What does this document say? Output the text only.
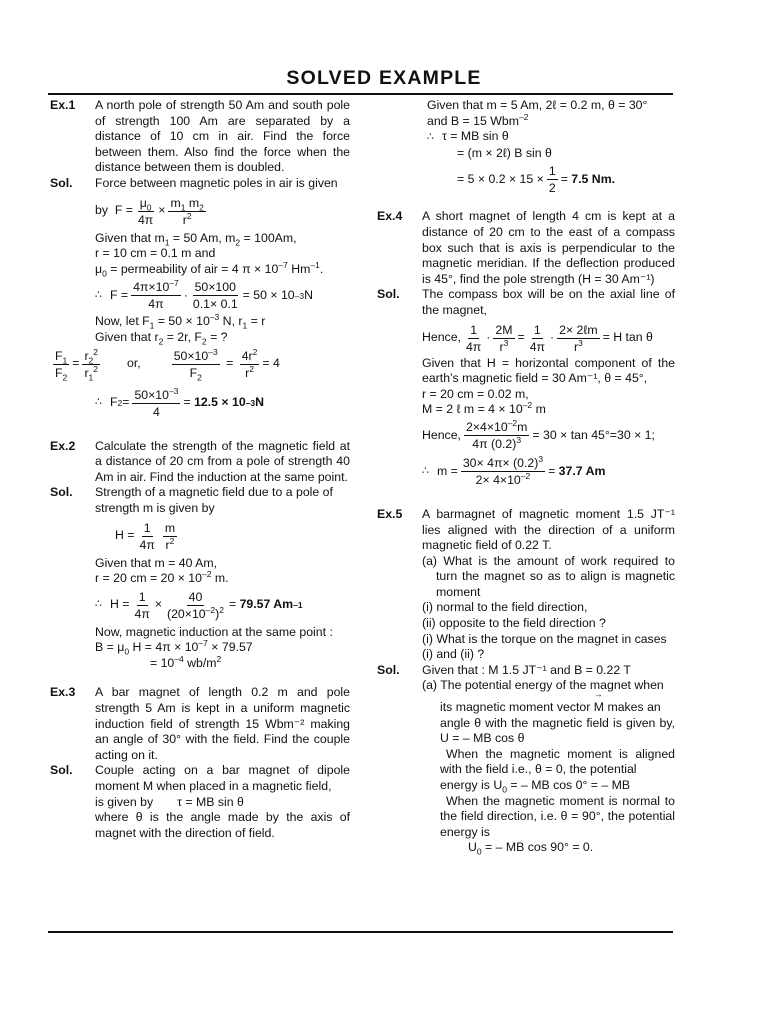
SOLVED EXAMPLE
Ex.1 A north pole of strength 50 Am and south pole of strength 100 Am are separated by a distance of 10 cm in air. Find the force between them. Also find the force when the distance between them is doubled.
Sol. Force between magnetic poles in air is given
by $F = \frac{\mu_0}{4\pi} \times \frac{m_1 m_2}{r^2}$
Given that $m_1 = 50$ Am, $m_2 = 100Am$,
r = 10 cm = 0.1 m and
$\mu_0$ = permeability of air = 4 $\pi \times 10^{-7}$ $Hm^{-1}$.
∴ $F = \frac{4\pi\times 10^{-7}}{4\pi} \cdot \frac{50\times 100}{0.1\times 0.1} = 50 \times 10$ –3 N
Now, let $F_1 = 50 \times 10^{-3}$ N, $r_1 = r$
Given that $r_2 = 2r$, $F_2$ = ?
$\frac{F_1}{F_2} = \frac{r_2^2}{r_1^2}$ or,	$\frac{50\times 10^{-3}}{F_2} = \frac{4r^2}{r^2} = 4$
∴ F $2 = \frac{50\times 10^{-3}}{4} = 12.5 \times 10$ –3 N
Ex.2 Calculate the strength of the magnetic field at a distance of 20 cm from a pole of strength 40 Am in air. Find the induction at the same point.
Sol. Strength of a magnetic field due to a pole of strength m is given by
$H = \frac{1}{4\pi} \frac{m}{r^2}$
Given that m = 40 Am,
r = 20 cm = $20 \times 10^{-2}$ m.
∴ $H = \frac{1}{4\pi} \times \frac{40}{(20\times 10^{-2})^2} = 79.57$ Am –1
Now, magnetic induction at the same point :
$B = \mu_0$ $H = 4\pi \times 10^{-7} \times 79.57$
= $10^{-4}$ $wb/m^2$
Ex.3 A bar magnet of length 0.2 m and pole strength 5 Am is kept in a uniform magnetic induction field of strength 15 Wbm⁻² making an angle of 30° with the field. Find the couple acting on it.
Sol. Couple acting on a bar magnet of dipole moment M when placed in a magnetic field,
is given by τ = MB sin θ
where θ is the angle made by the axis of magnet with the direction of field.
Given that m = 5 Am, 2ℓ = 0.2 m, θ = 30°
and B = 15 Wbm$^{-2}$
∴ τ = MB sin θ
= (m × 2ℓ) B sin θ
= $5 \times 0.2 \times 15 \times \frac{1}{2} = 7.5$ Nm.
Ex.4 A short magnet of length 4 cm is kept at a distance of 20 cm to the east of a compass box such that is axis is perpendicular to the magnetic meridian. If the deflection produced is 45°, find the pole strength (H = 30 Am⁻¹)
Sol. The compass box will be on the axial line of the magnet,
Hence, $\frac{1}{4\pi} \cdot \frac{2M}{r^3} = \frac{1}{4\pi} \cdot \frac{\text{2× 2ℓm}}{r^3} = H$ tan θ
Given that H = horizontal component of the earth’s magnetic field = 30 Am⁻¹, θ = 45°,
r = 20 cm = 0.02 m,
M = 2 ℓ $m = 4 \times 10^{-2}$ m
Hence, $\frac{2\times 4\times 10^{-2}m}{4\pi (0.2)^3} = 30 \times \tan 45^\circ=30 \times 1$;
∴ $m = \frac{30\times 4\pi\times (0.2)^3}{2\times 4\times 10^{-2}} = 37.7$ Am
Ex.5 A barmagnet of magnetic moment 1.5 JT⁻¹ lies aligned with the direction of a uniform magnetic field of 0.22 T.
(a) What is the amount of work required to turn the magnet so as to align is magnetic moment
(i) normal to the field direction,
(ii) opposite to the field direction ?
(i) What is the torque on the magnet in cases (i) and (ii) ?
Sol. Given that : M 1.5 JT⁻¹ and B = 0.22 T
(a) The potential energy of the magnet when
its magnetic moment vector → M makes an
angle θ with the magnetic field is given by, U = – MB cos θ
When the magnetic moment is aligned with the field i.e., θ = 0, the potential
energy is $U_0$ = – MB cos 0° = – MB
When the magnetic moment is normal to the field direction, i.e. θ = 90°, the potential energy is
$U_0$ = – MB cos 90° = 0.
